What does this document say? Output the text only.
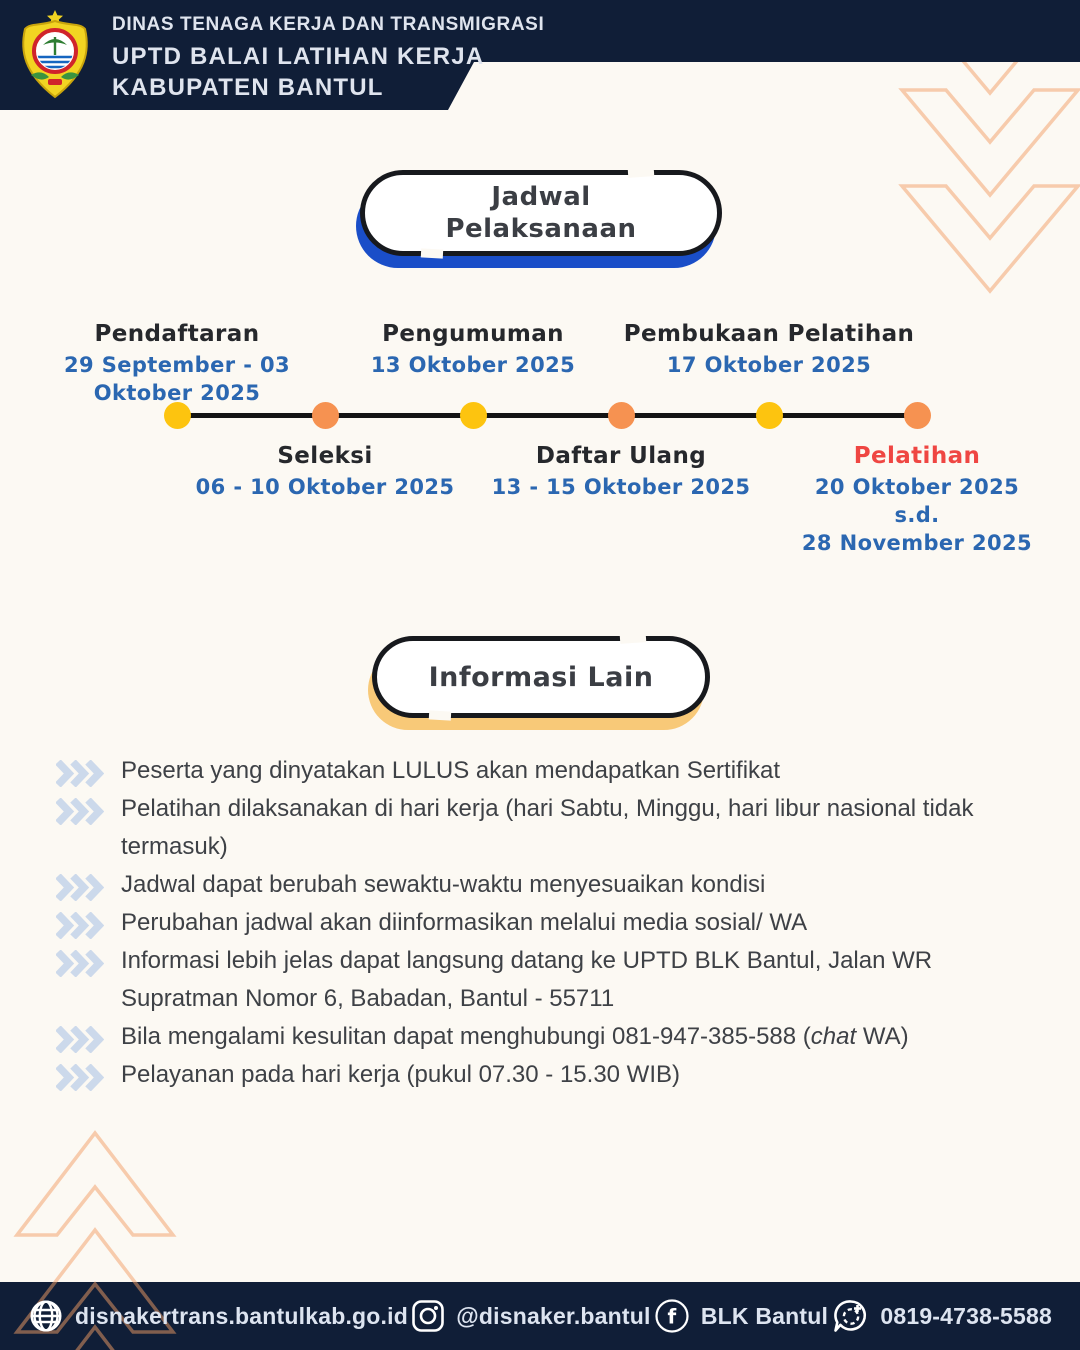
DINAS TENAGA KERJA DAN TRANSMIGRASI
UPTD BALAI LATIHAN KERJA
KABUPATEN BANTUL
Jadwal
Pelaksanaan
Pendaftaran
29 September - 03
Oktober 2025
Seleksi
06 - 10 Oktober 2025
Pengumuman
13 Oktober 2025
Daftar Ulang
13 - 15 Oktober 2025
Pembukaan Pelatihan
17 Oktober 2025
Pelatihan
20 Oktober 2025
s.d.
28 November 2025
Informasi Lain
Peserta yang dinyatakan LULUS akan mendapatkan Sertifikat
Pelatihan dilaksanakan di hari kerja (hari Sabtu, Minggu, hari libur nasional tidak termasuk)
Jadwal dapat berubah sewaktu-waktu menyesuaikan kondisi
Perubahan jadwal akan diinformasikan melalui media sosial/ WA
Informasi lebih jelas dapat langsung datang ke UPTD BLK Bantul, Jalan WR Supratman Nomor 6, Babadan, Bantul - 55711
Bila mengalami kesulitan dapat menghubungi 081-947-385-588 (chat WA)
Pelayanan pada hari kerja (pukul 07.30 - 15.30 WIB)
disnakertrans.bantulkab.go.id @disnaker.bantul f BLK Bantul 0819-4738-5588
